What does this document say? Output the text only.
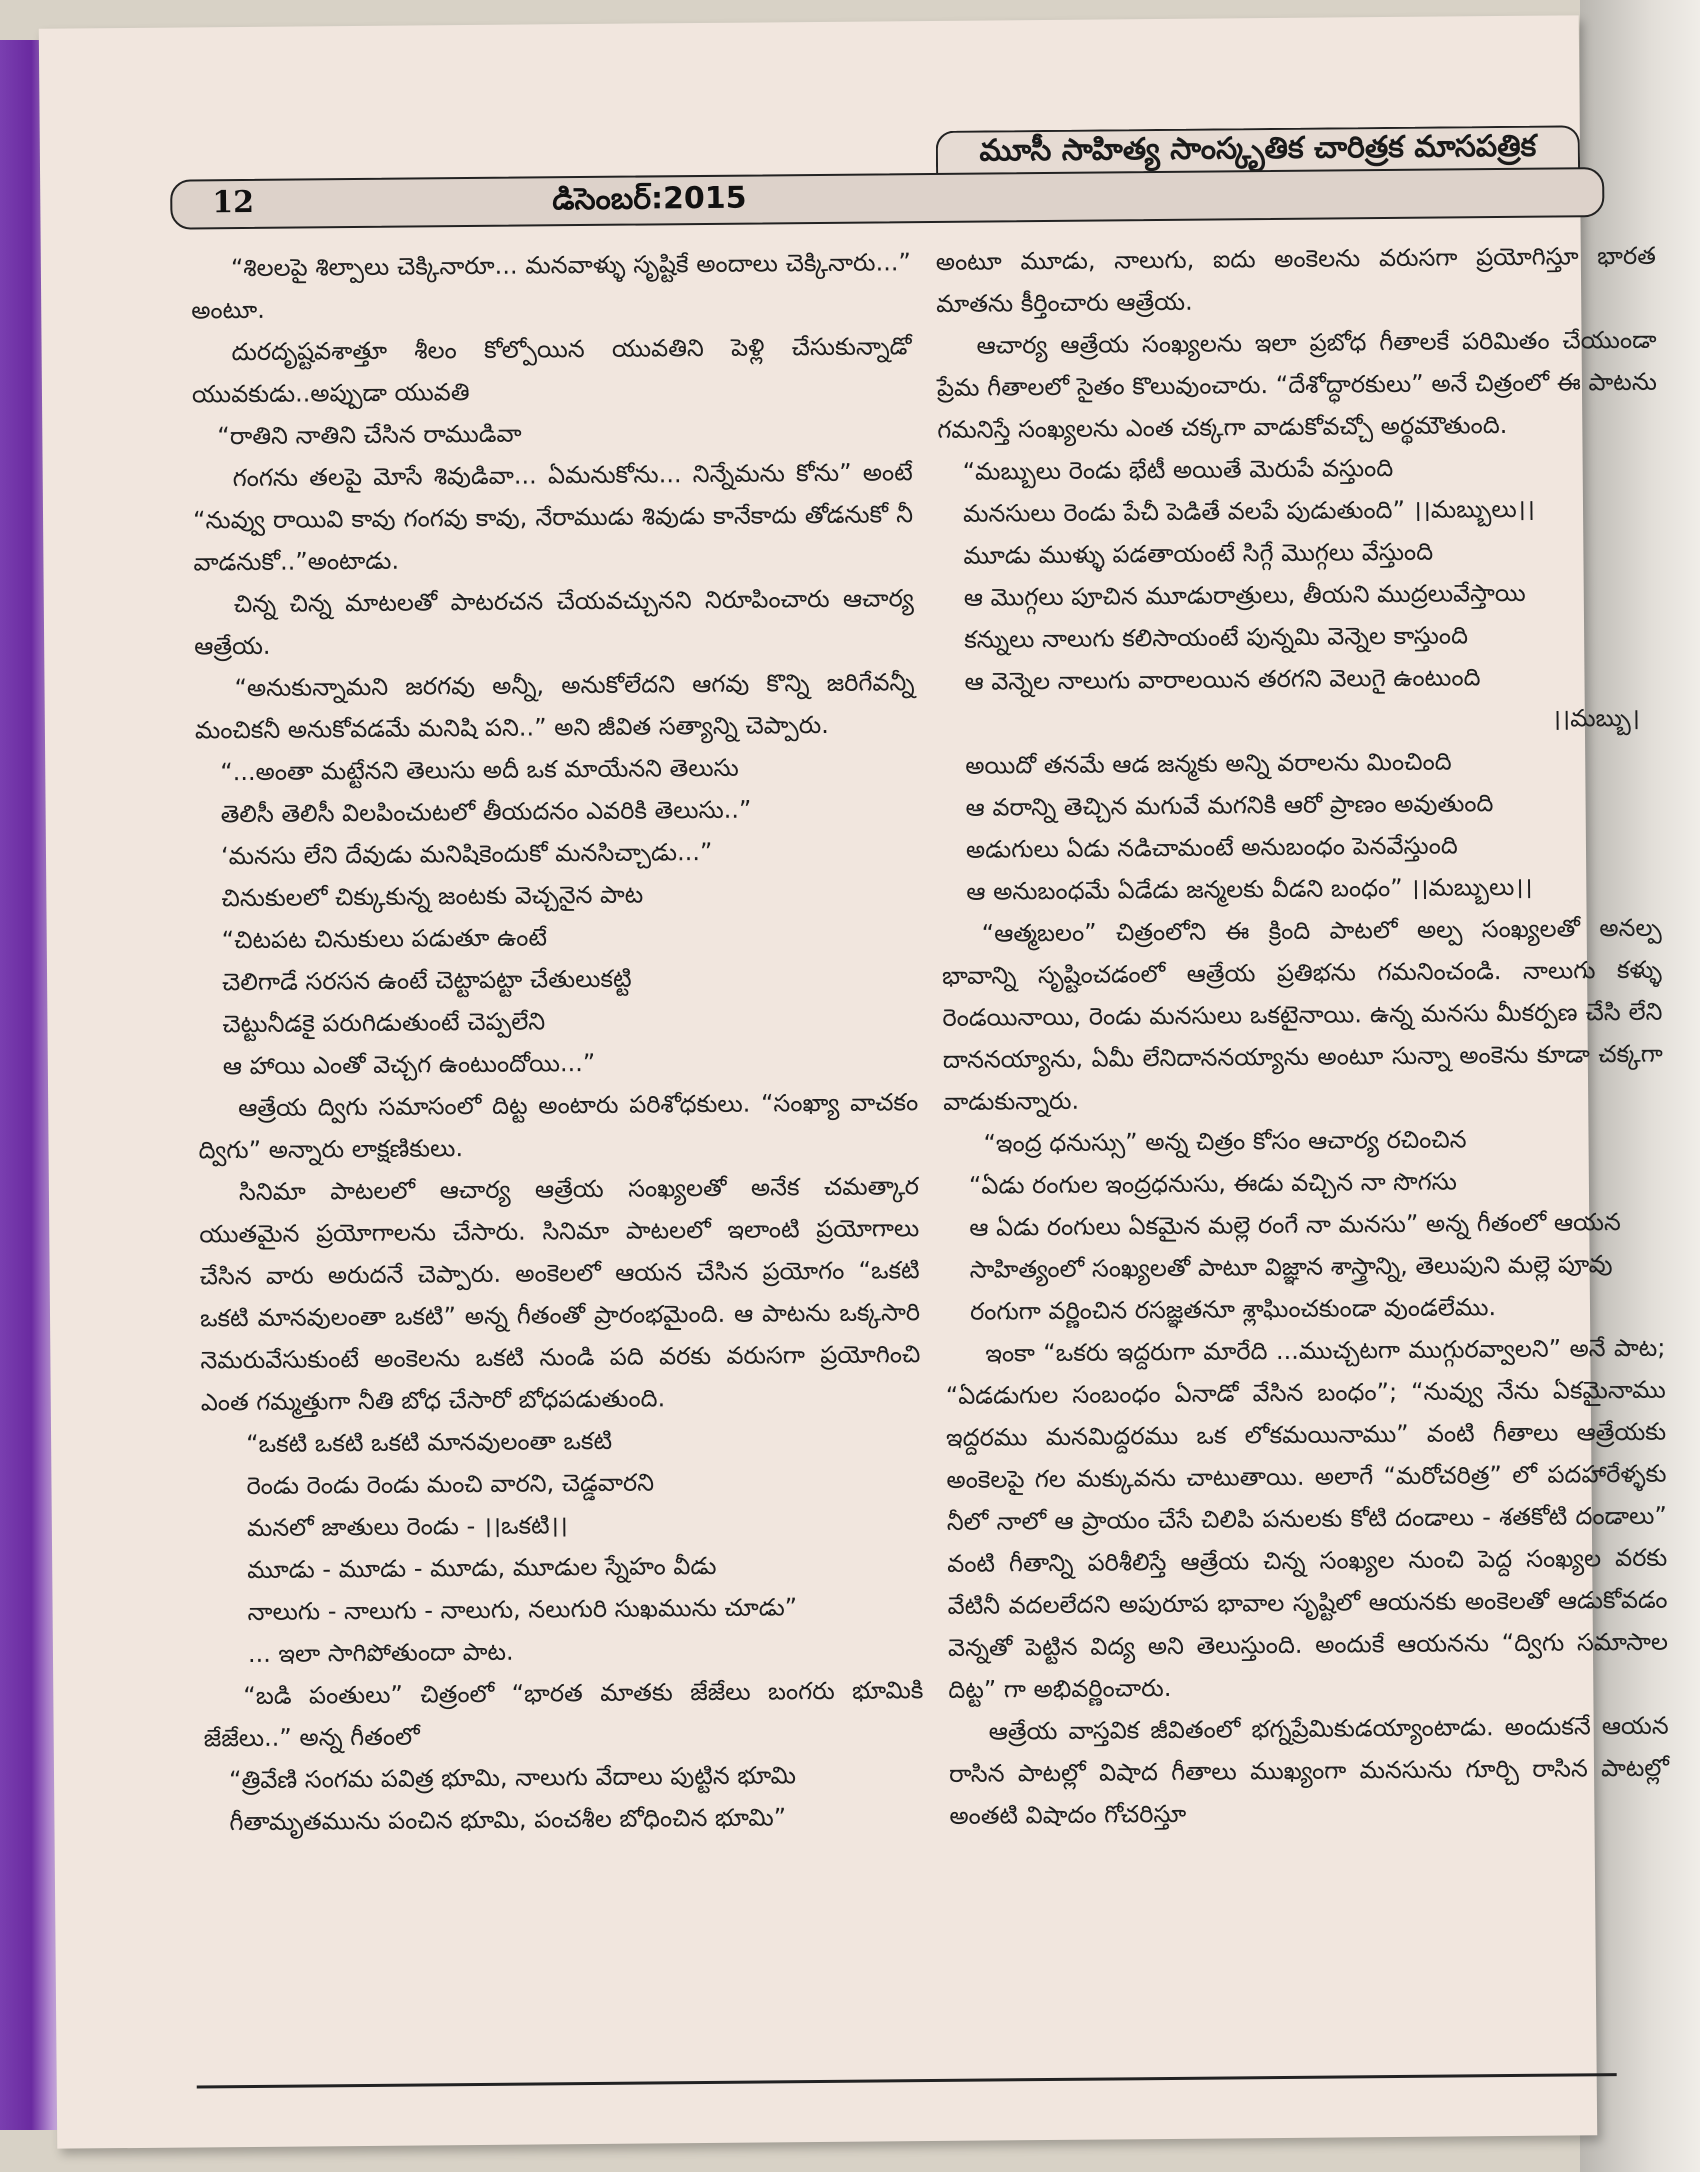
మూసీ సాహిత్య సాంస్కృతిక చారిత్రక మాసపత్రిక
12	డిసెంబర్:2015

“శిలలపై శిల్పాలు చెక్కినారూ... మనవాళ్ళు సృష్టికే అందాలు చెక్కినారు...” అంటూ.

దురదృష్టవశాత్తూ శీలం కోల్పోయిన యువతిని పెళ్లి చేసుకున్నాడో యువకుడు..అప్పుడా యువతి

“రాతిని నాతిని చేసిన రాముడివా

గంగను తలపై మోసే శివుడివా... ఏమనుకోను... నిన్నేమను కోను” అంటే “నువ్వు రాయివి కావు గంగవు కావు, నేరాముడు శివుడు కానేకాదు తోడనుకో నీ వాడనుకో..”అంటాడు.

చిన్న చిన్న మాటలతో పాటరచన చేయవచ్చునని నిరూపించారు ఆచార్య ఆత్రేయ.

“అనుకున్నామని జరగవు అన్నీ, అనుకోలేదని ఆగవు కొన్ని జరిగేవన్నీ మంచికనీ అనుకోవడమే మనిషి పని..” అని జీవిత సత్యాన్ని చెప్పారు.

“...అంతా మట్టేనని తెలుసు అదీ ఒక మాయేనని తెలుసు

తెలిసీ తెలిసీ విలపించుటలో తీయదనం ఎవరికి తెలుసు..”

‘మనసు లేని దేవుడు మనిషికెందుకో మనసిచ్చాడు...”

చినుకులలో చిక్కుకున్న జంటకు వెచ్చనైన పాట

“చిటపట చినుకులు పడుతూ ఉంటే

చెలిగాడే సరసన ఉంటే చెట్టాపట్టా చేతులుకట్టి

చెట్టునీడకై పరుగిడుతుంటే చెప్పలేని

ఆ హాయి ఎంతో వెచ్చగ ఉంటుందోయి...”

ఆత్రేయ ద్విగు సమాసంలో దిట్ట అంటారు పరిశోధకులు. “సంఖ్యా వాచకం ద్విగు” అన్నారు లాక్షణికులు.

సినిమా పాటలలో ఆచార్య ఆత్రేయ సంఖ్యలతో అనేక చమత్కార యుతమైన ప్రయోగాలను చేసారు. సినిమా పాటలలో ఇలాంటి ప్రయోగాలు చేసిన వారు అరుదనే చెప్పారు. అంకెలలో ఆయన చేసిన ప్రయోగం “ఒకటి ఒకటి మానవులంతా ఒకటి” అన్న గీతంతో ప్రారంభమైంది. ఆ పాటను ఒక్కసారి నెమరువేసుకుంటే అంకెలను ఒకటి నుండి పది వరకు వరుసగా ప్రయోగించి ఎంత గమ్మత్తుగా నీతి బోధ చేసారో బోధపడుతుంది.

“ఒకటి ఒకటి ఒకటి మానవులంతా ఒకటి

రెండు రెండు రెండు మంచి వారని, చెడ్డవారని

మనలో జాతులు రెండు - ।।ఒకటి।।

మూడు - మూడు - మూడు, మూడుల స్నేహం వీడు

నాలుగు - నాలుగు - నాలుగు, నలుగురి సుఖమును చూడు”

... ఇలా సాగిపోతుందా పాట.

“బడి పంతులు” చిత్రంలో “భారత మాతకు జేజేలు బంగరు భూమికి జేజేలు..” అన్న గీతంలో

“త్రివేణి సంగమ పవిత్ర భూమి, నాలుగు వేదాలు పుట్టిన భూమి

గీతామృతమును పంచిన భూమి, పంచశీల బోధించిన భూమి”

అంటూ మూడు, నాలుగు, ఐదు అంకెలను వరుసగా ప్రయోగిస్తూ భారత మాతను కీర్తించారు ఆత్రేయ.

ఆచార్య ఆత్రేయ సంఖ్యలను ఇలా ప్రబోధ గీతాలకే పరిమితం చేయుండా ప్రేమ గీతాలలో సైతం కొలువుంచారు. “దేశోద్ధారకులు” అనే చిత్రంలో ఈ పాటను గమనిస్తే సంఖ్యలను ఎంత చక్కగా వాడుకోవచ్చో అర్థమౌతుంది.

“మబ్బులు రెండు భేటీ అయితే మెరుపే వస్తుంది

మనసులు రెండు పేచీ పెడితే వలపే పుడుతుంది” ।।మబ్బులు।।

మూడు ముళ్ళు పడతాయంటే సిగ్గే మొగ్గలు వేస్తుంది

ఆ మొగ్గలు పూచిన మూడురాత్రులు, తీయని ముద్రలువేస్తాయి

కన్నులు నాలుగు కలిసాయంటే పున్నమి వెన్నెల కాస్తుంది

ఆ వెన్నెల నాలుగు వారాలయిన తరగని వెలుగై ఉంటుంది

।।మబ్బు।

అయిదో తనమే ఆడ జన్మకు అన్ని వరాలను మించింది

ఆ వరాన్ని తెచ్చిన మగువే మగనికి ఆరో ప్రాణం అవుతుంది

అడుగులు ఏడు నడిచామంటే అనుబంధం పెనవేస్తుంది

ఆ అనుబంధమే ఏడేడు జన్మలకు వీడని బంధం” ।।మబ్బులు।।

“ఆత్మబలం” చిత్రంలోని ఈ క్రింది పాటలో అల్ప సంఖ్యలతో అనల్ప భావాన్ని సృష్టించడంలో ఆత్రేయ ప్రతిభను గమనించండి. నాలుగు కళ్ళు రెండయినాయి, రెండు మనసులు ఒకటైనాయి. ఉన్న మనసు మీకర్పణ చేసి లేని దాననయ్యాను, ఏమీ లేనిదాననయ్యాను అంటూ సున్నా అంకెను కూడా చక్కగా వాడుకున్నారు.

“ఇంద్ర ధనుస్సు” అన్న చిత్రం కోసం ఆచార్య రచించిన

“ఏడు రంగుల ఇంద్రధనుసు, ఈడు వచ్చిన నా సొగసు

ఆ ఏడు రంగులు ఏకమైన మల్లె రంగే నా మనసు” అన్న గీతంలో ఆయన సాహిత్యంలో సంఖ్యలతో పాటూ విజ్ఞాన శాస్త్రాన్ని, తెలుపుని మల్లె పూవు రంగుగా వర్ణించిన రసజ్ఞతనూ శ్లాఘించకుండా వుండలేము.

ఇంకా “ఒకరు ఇద్దరుగా మారేది ...ముచ్చటగా ముగ్గురవ్వాలని” అనే పాట; “ఏడడుగుల సంబంధం ఏనాడో వేసిన బంధం”; “నువ్వు నేను ఏకమైనాము ఇద్దరము మనమిద్దరము ఒక లోకమయినాము” వంటి గీతాలు ఆత్రేయకు అంకెలపై గల మక్కువను చాటుతాయి. అలాగే “మరోచరిత్ర” లో పదహారేళ్ళకు నీలో నాలో ఆ ప్రాయం చేసే చిలిపి పనులకు కోటి దండాలు - శతకోటి దండాలు” వంటి గీతాన్ని పరిశీలిస్తే ఆత్రేయ చిన్న సంఖ్యల నుంచి పెద్ద సంఖ్యల వరకు వేటినీ వదలలేదని అపురూప భావాల సృష్టిలో ఆయనకు అంకెలతో ఆడుకోవడం వెన్నతో పెట్టిన విద్య అని తెలుస్తుంది. అందుకే ఆయనను “ద్విగు సమాసాల దిట్ట” గా అభివర్ణించారు.

ఆత్రేయ వాస్తవిక జీవితంలో భగ్నప్రేమికుడయ్యాంటాడు. అందుకనే ఆయన రాసిన పాటల్లో విషాద గీతాలు ముఖ్యంగా మనసును గూర్చి రాసిన పాటల్లో అంతటి విషాదం గోచరిస్తూ
